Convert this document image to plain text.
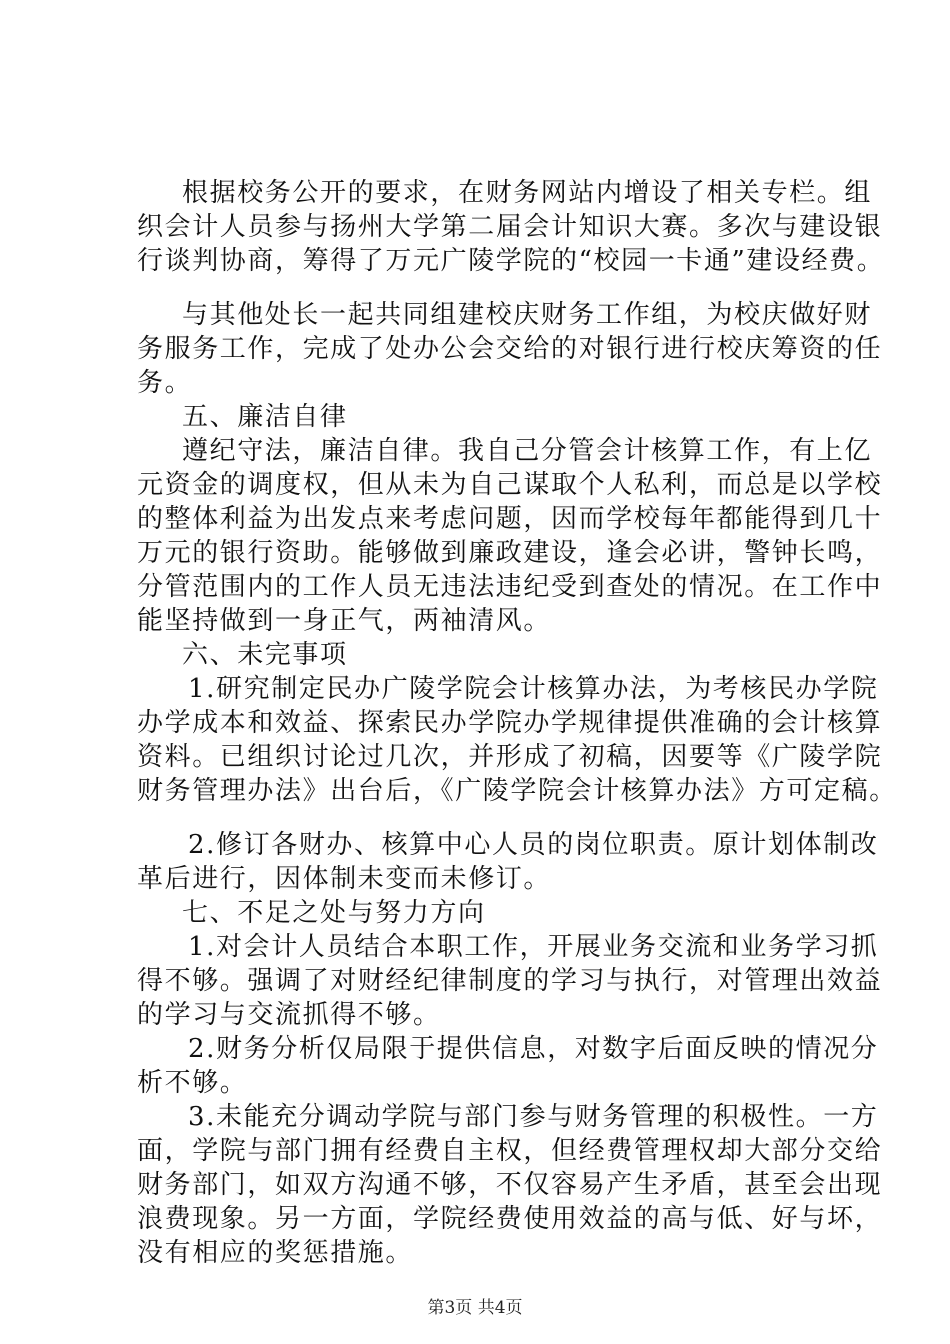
根据校务公开的要求，在财务网站内增设了相关专栏。组
织会计人员参与扬州大学第二届会计知识大赛。多次与建设银
行谈判协商，筹得了万元广陵学院的“校园一卡通”建设经费。
与其他处长一起共同组建校庆财务工作组，为校庆做好财
务服务工作，完成了处办公会交给的对银行进行校庆筹资的任
务。
五、廉洁自律
遵纪守法，廉洁自律。我自己分管会计核算工作，有上亿
元资金的调度权，但从未为自己谋取个人私利，而总是以学校
的整体利益为出发点来考虑问题，因而学校每年都能得到几十
万元的银行资助。能够做到廉政建设，逢会必讲，警钟长鸣，
分管范围内的工作人员无违法违纪受到查处的情况。在工作中
能坚持做到一身正气，两袖清风。
六、未完事项
1.研究制定民办广陵学院会计核算办法，为考核民办学院
办学成本和效益、探索民办学院办学规律提供准确的会计核算
资料。已组织讨论过几次，并形成了初稿，因要等《广陵学院
财务管理办法》出台后，《广陵学院会计核算办法》方可定稿。
2.修订各财办、核算中心人员的岗位职责。原计划体制改
革后进行，因体制未变而未修订。
七、不足之处与努力方向
1.对会计人员结合本职工作，开展业务交流和业务学习抓
得不够。强调了对财经纪律制度的学习与执行，对管理出效益
的学习与交流抓得不够。
2.财务分析仅局限于提供信息，对数字后面反映的情况分
析不够。
3.未能充分调动学院与部门参与财务管理的积极性。一方
面，学院与部门拥有经费自主权，但经费管理权却大部分交给
财务部门，如双方沟通不够，不仅容易产生矛盾，甚至会出现
浪费现象。另一方面，学院经费使用效益的高与低、好与坏，
没有相应的奖惩措施。
第3页 共4页
